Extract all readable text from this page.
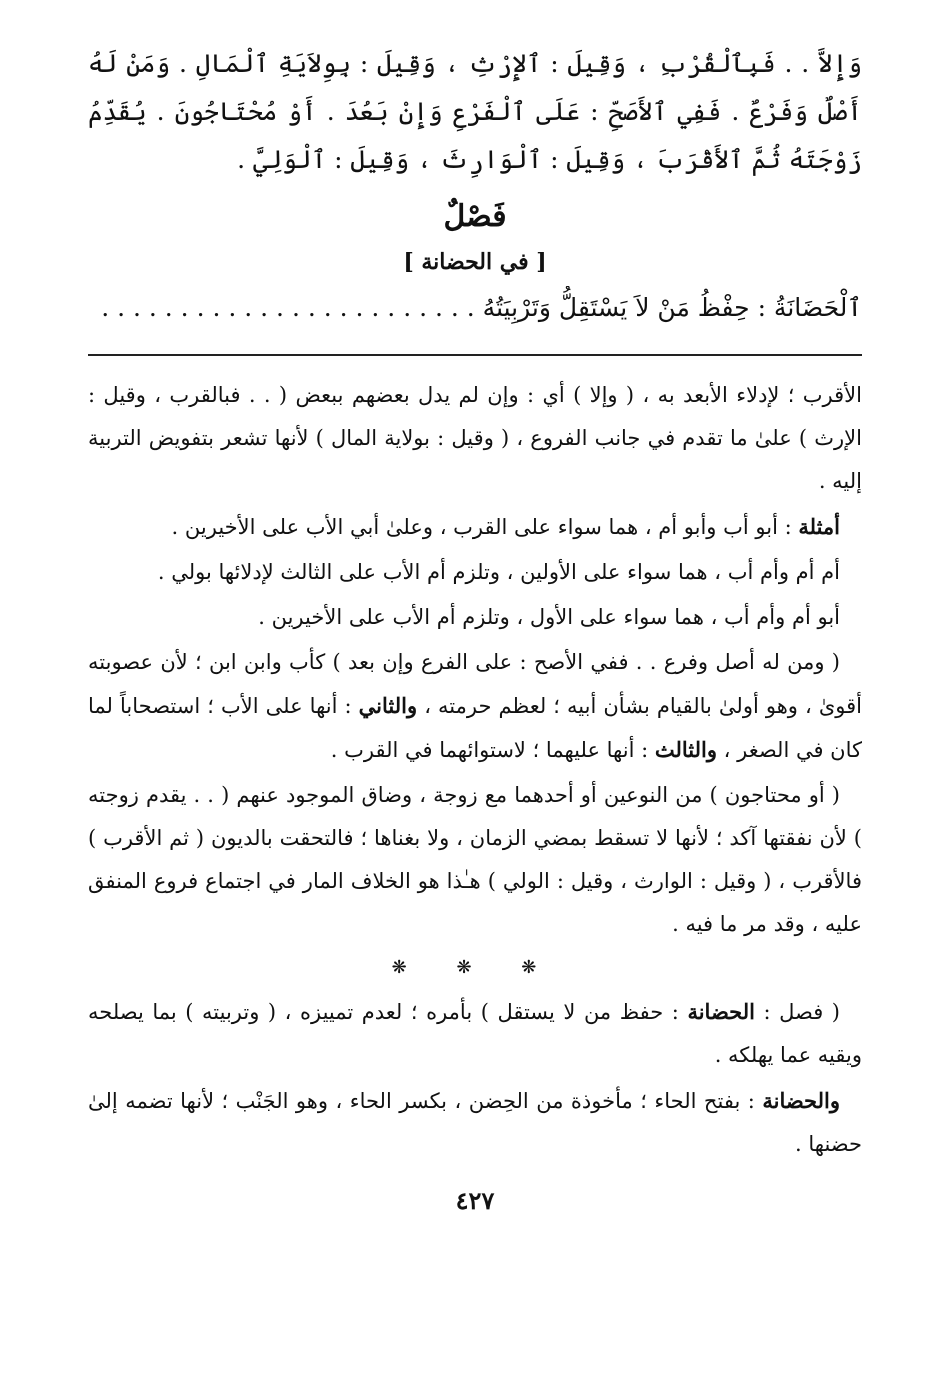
وَإِلاَّ . . فَبِٱلْقُرْبِ ، وَقِيلَ : ٱلإِرْثِ ، وَقِيلَ : بِوِلاَيَةِ ٱلْمَالِ . وَمَنْ لَهُ أَصْلٌ وَفَرْعٌ . فَفِي ٱلأَصَحِّ : عَلَى ٱلْفَرْعِ وَإِنْ بَعُدَ . أَوْ مُحْتَاجُونَ . يُقَدِّمُ زَوْجَتَهُ ثُمَّ ٱلأَقْرَبَ ، وَقِيلَ : ٱلْوَارِثَ ، وَقِيلَ : ٱلْوَلِيَّ .

فَصْلٌ
[ في الحضانة ]

ٱلْحَضَانَةُ : حِفْظُ مَنْ لاَ يَسْتَقِلُّ وَتَرْبِيَتُهُ . . . . . . . . . . . . . . . . . . . . . . . .

الأقرب ؛ لإدلاء الأبعد به ، ( وإلا ) أي : وإن لم يدل بعضهم ببعض ( . . فبالقرب ، وقيل : الإرث ) علىٰ ما تقدم في جانب الفروع ، ( وقيل : بولاية المال ) لأنها تشعر بتفويض التربية إليه .

أمثلة : أبو أب وأبو أم ، هما سواء على القرب ، وعلىٰ أبي الأب على الأخيرين .

أم أم وأم أب ، هما سواء على الأولين ، وتلزم أم الأب على الثالث لإدلائها بولي .

أبو أم وأم أب ، هما سواء على الأول ، وتلزم أم الأب على الأخيرين .

( ومن له أصل وفرع . . ففي الأصح : على الفرع وإن بعد ) كأب وابن ابن ؛ لأن عصوبته أقوىٰ ، وهو أولىٰ بالقيام بشأن أبيه ؛ لعظم حرمته ، والثاني : أنها على الأب ؛ استصحاباً لما كان في الصغر ، والثالث : أنها عليهما ؛ لاستوائهما في القرب .

( أو محتاجون ) من النوعين أو أحدهما مع زوجة ، وضاق الموجود عنهم ( . . يقدم زوجته ) لأن نفقتها آكد ؛ لأنها لا تسقط بمضي الزمان ، ولا بغناها ؛ فالتحقت بالديون ( ثم الأقرب ) فالأقرب ، ( وقيل : الوارث ، وقيل : الولي ) هـٰذا هو الخلاف المار في اجتماع فروع المنفق عليه ، وقد مر ما فيه .

❋ ❋ ❋

( فصل : الحضانة : حفظ من لا يستقل ) بأمره ؛ لعدم تمييزه ، ( وتربيته ) بما يصلحه ويقيه عما يهلكه .

والحضانة : بفتح الحاء ؛ مأخوذة من الحِضن ، بكسر الحاء ، وهو الجَنْب ؛ لأنها تضمه إلىٰ حضنها .

٤٢٧
